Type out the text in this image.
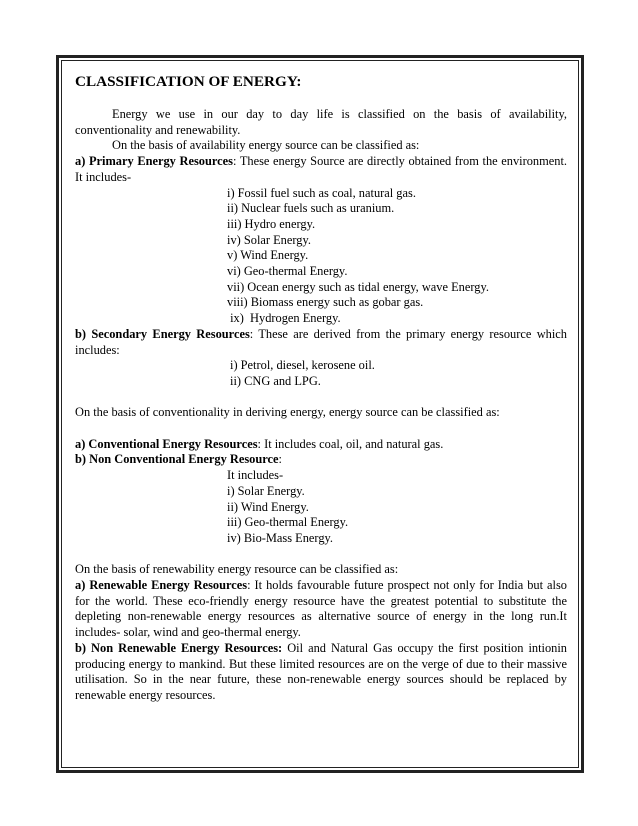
CLASSIFICATION OF ENERGY:

Energy we use in our day to day life is classified on the basis of availability, conventionality and renewability.

On the basis of availability energy source can be classified as:

a) Primary Energy Resources: These energy Source are directly obtained from the environment. It includes-

i) Fossil fuel such as coal, natural gas.
ii) Nuclear fuels such as uranium.
iii) Hydro energy.
iv) Solar Energy.
v) Wind Energy.
vi) Geo-thermal Energy.
vii) Ocean energy such as tidal energy, wave Energy.
viii) Biomass energy such as gobar gas.
ix)  Hydrogen Energy.

b) Secondary Energy Resources: These are derived from the primary energy resource which includes:

i) Petrol, diesel, kerosene oil.
ii) CNG and LPG.

On the basis of conventionality in deriving energy, energy source can be classified as:

a) Conventional Energy Resources: It includes coal, oil, and natural gas.

b) Non Conventional Energy Resource:

It includes-
i) Solar Energy.
ii) Wind Energy.
iii) Geo-thermal Energy.
iv) Bio-Mass Energy.

On the basis of renewability energy resource can be classified as:

a) Renewable Energy Resources: It holds favourable future prospect not only for India but also for the world. These eco-friendly energy resource have the greatest potential to substitute the depleting non-renewable energy resources as alternative source of energy in the long run.It includes- solar, wind and geo-thermal energy.

b) Non Renewable Energy Resources: Oil and Natural Gas occupy the first position intionin producing energy to mankind. But these limited resources are on the verge of due to their massive utilisation. So in the near future, these non-renewable energy sources should be replaced by renewable energy resources.
